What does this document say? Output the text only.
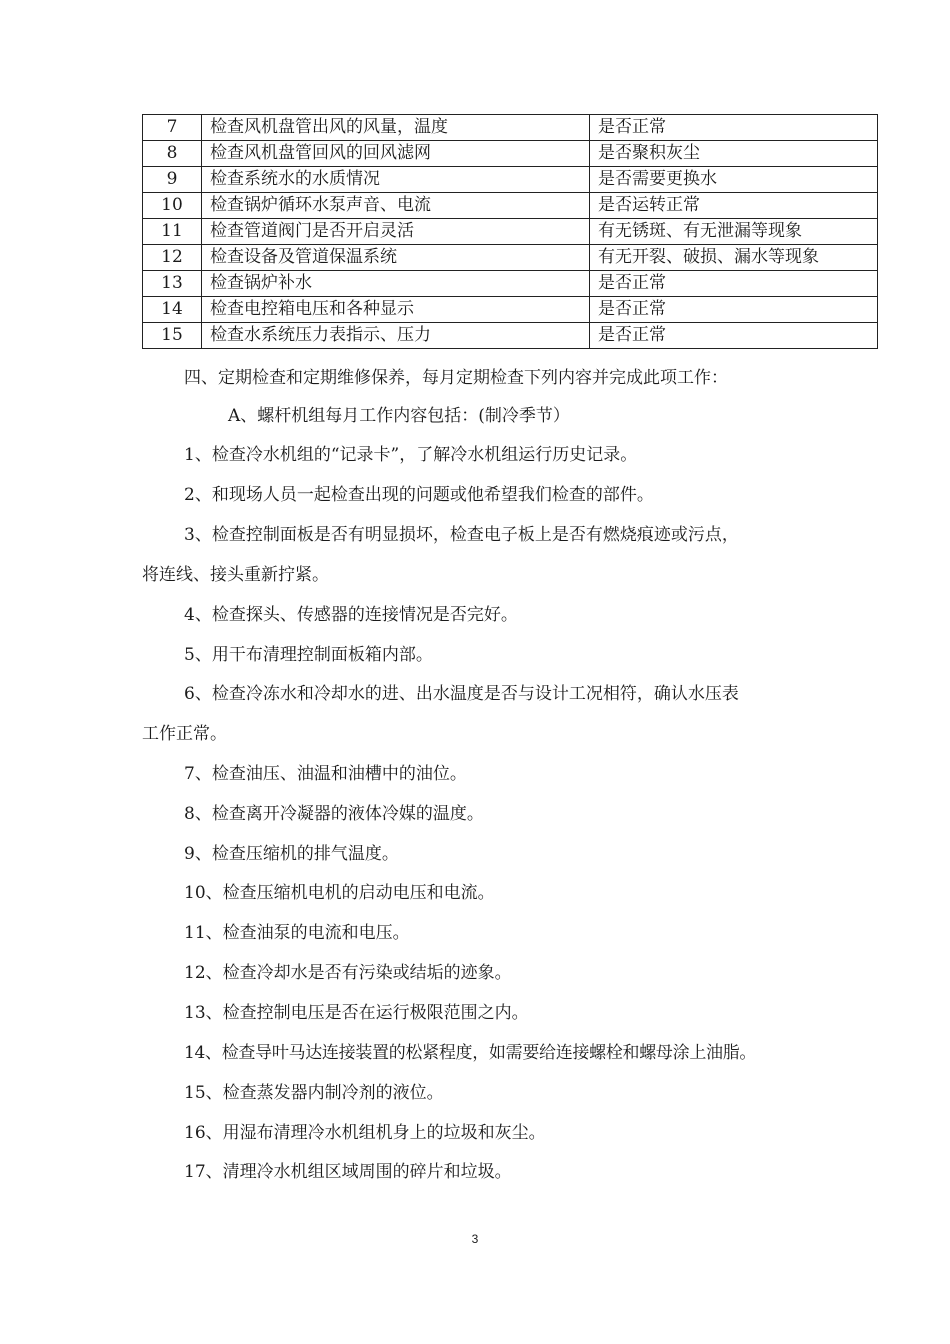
7	检查风机盘管出风的风量，温度	是否正常
8	检查风机盘管回风的回风滤网	是否聚积灰尘
9	检查系统水的水质情况	是否需要更换水
10	检查锅炉循环水泵声音、电流	是否运转正常
11	检查管道阀门是否开启灵活	有无锈斑、有无泄漏等现象
12	检查设备及管道保温系统	有无开裂、破损、漏水等现象
13	检查锅炉补水	是否正常
14	检查电控箱电压和各种显示	是否正常
15	检查水系统压力表指示、压力	是否正常
四、定期检查和定期维修保养，每月定期检查下列内容并完成此项工作：
A、螺杆机组每月工作内容包括：(制冷季节）
1、检查冷水机组的“记录卡”，了解冷水机组运行历史记录。
2、和现场人员一起检查出现的问题或他希望我们检查的部件。
3、检查控制面板是否有明显损坏，检查电子板上是否有燃烧痕迹或污点，
将连线、接头重新拧紧。
4、检查探头、传感器的连接情况是否完好。
5、用干布清理控制面板箱内部。
6、检查冷冻水和冷却水的进、出水温度是否与设计工况相符，确认水压表
工作正常。
7、检查油压、油温和油槽中的油位。
8、检查离开冷凝器的液体冷媒的温度。
9、检查压缩机的排气温度。
10、检查压缩机电机的启动电压和电流。
11、检查油泵的电流和电压。
12、检查冷却水是否有污染或结垢的迹象。
13、检查控制电压是否在运行极限范围之内。
14、检查导叶马达连接装置的松紧程度，如需要给连接螺栓和螺母涂上油脂。
15、检查蒸发器内制冷剂的液位。
16、用湿布清理冷水机组机身上的垃圾和灰尘。
17、清理冷水机组区域周围的碎片和垃圾。
3
